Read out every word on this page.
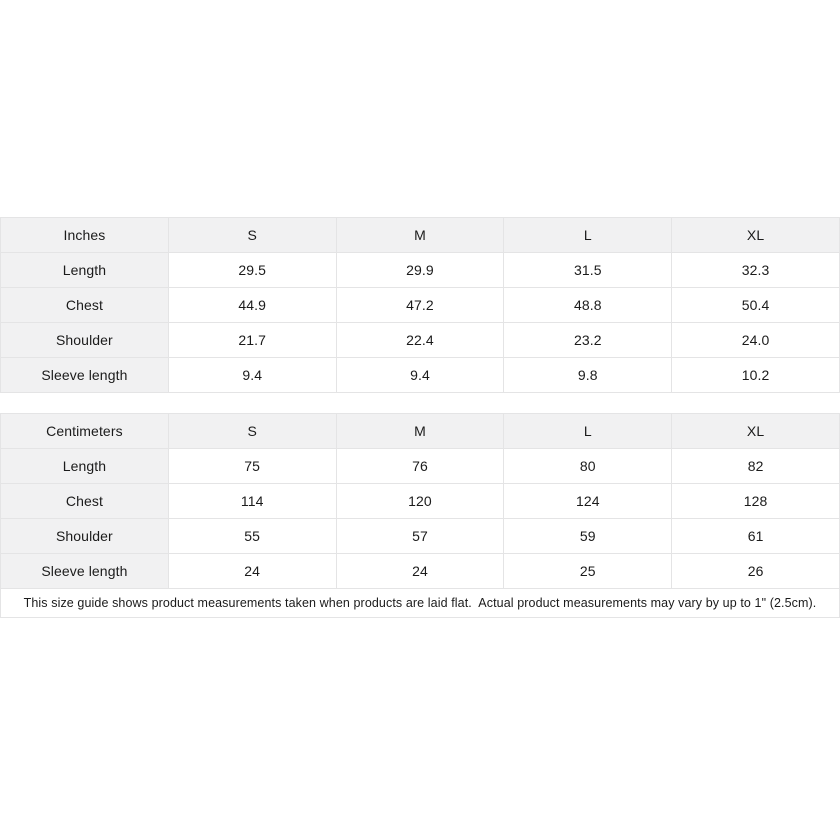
Inches	S	M	L	XL
Length	29.5	29.9	31.5	32.3
Chest	44.9	47.2	48.8	50.4
Shoulder	21.7	22.4	23.2	24.0
Sleeve length	9.4	9.4	9.8	10.2
Centimeters	S	M	L	XL
Length	75	76	80	82
Chest	114	120	124	128
Shoulder	55	57	59	61
Sleeve length	24	24	25	26
This size guide shows product measurements taken when products are laid flat.  Actual product measurements may vary by up to 1" (2.5cm).
